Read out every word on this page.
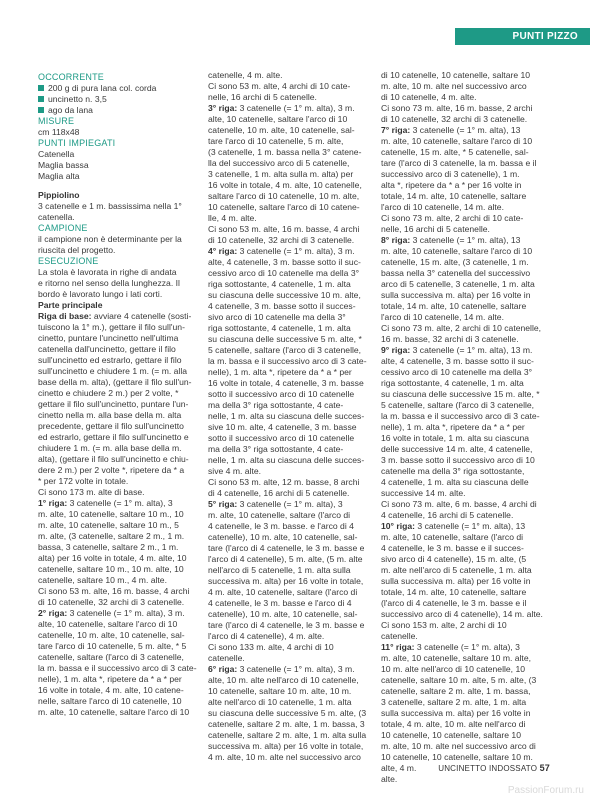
PUNTI PIZZO

OCCORRENTE

200 g di pura lana col. corda

uncinetto n. 3,5

ago da lana

MISURE

cm 118x48

PUNTI IMPIEGATI

Catenella

Maglia bassa

Maglia alta

Pippiolino

3 catenelle e 1 m. bassissima nella 1°

catenella.

CAMPIONE

il campione non è determinante per la

riuscita del progetto.

ESECUZIONE

La stola è lavorata in righe di andata

e ritorno nel senso della lunghezza. Il

bordo è lavorato lungo i lati corti.

Parte principale

Riga di base: avviare 4 catenelle (sosti-

tuiscono la 1° m.), gettare il filo sull'un-

cinetto, puntare l'uncinetto nell'ultima

catenella dall'uncinetto, gettare il filo

sull'uncinetto ed estrarlo, gettare il filo

sull'uncinetto e chiudere 1 m. (= m. alla

base della m. alta), (gettare il filo sull'un-

cinetto e chiudere 2 m.) per 2 volte, *

gettare il filo sull'uncinetto, puntare l'un-

cinetto nella m. alla base della m. alta

precedente, gettare il filo sull'uncinetto

ed estrarlo, gettare il filo sull'uncinetto e

chiudere 1 m. (= m. alla base della m.

alta), (gettare il filo sull'uncinetto e chiu-

dere 2 m.) per 2 volte *, ripetere da * a

* per 172 volte in totale.

Ci sono 173 m. alte di base.

1° riga: 3 catenelle (= 1° m. alta), 3

m. alte, 10 catenelle, saltare 10 m., 10

m. alte, 10 catenelle, saltare 10 m., 5

m. alte, (3 catenelle, saltare 2 m., 1 m.

bassa, 3 catenelle, saltare 2 m., 1 m.

alta) per 16 volte in totale, 4 m. alte, 10

catenelle, saltare 10 m., 10 m. alte, 10

catenelle, saltare 10 m., 4 m. alte.

Ci sono 53 m. alte, 16 m. basse, 4 archi

di 10 catenelle, 32 archi di 3 catenelle.

2° riga: 3 catenelle (= 1° m. alta), 3 m.

alte, 10 catenelle, saltare l'arco di 10

catenelle, 10 m. alte, 10 catenelle, sal-

tare l'arco di 10 catenelle, 5 m. alte, * 5

catenelle, saltare (l'arco di 3 catenelle,

la m. bassa e il successivo arco di 3 cate-

nelle), 1 m. alta *, ripetere da * a * per

16 volte in totale, 4 m. alte, 10 catene-

nelle, saltare l'arco di 10 catenelle, 10

m. alte, 10 catenelle, saltare l'arco di 10

catenelle, 4 m. alte.

Ci sono 53 m. alte, 4 archi di 10 cate-

nelle, 16 archi di 5 catenelle.

3° riga: 3 catenelle (= 1° m. alta), 3 m.

alte, 10 catenelle, saltare l'arco di 10

catenelle, 10 m. alte, 10 catenelle, sal-

tare l'arco di 10 catenelle, 5 m. alte,

(3 catenelle, 1 m. bassa nella 3° catene-

lla del successivo arco di 5 catenelle,

3 catenelle, 1 m. alta sulla m. alta) per

16 volte in totale, 4 m. alte, 10 catenelle,

saltare l'arco di 10 catenelle, 10 m. alte,

10 catenelle, saltare l'arco di 10 catene-

lle, 4 m. alte.

Ci sono 53 m. alte, 16 m. basse, 4 archi

di 10 catenelle, 32 archi di 3 catenelle.

4° riga: 3 catenelle (= 1° m. alta), 3 m.

alte, 4 catenelle, 3 m. basse sotto il suc-

cessivo arco di 10 catenelle ma della 3°

riga sottostante, 4 catenelle, 1 m. alta

su ciascuna delle successive 10 m. alte,

4 catenelle, 3 m. basse sotto il succes-

sivo arco di 10 catenelle ma della 3°

riga sottostante, 4 catenelle, 1 m. alta

su ciascuna delle successive 5 m. alte, *

5 catenelle, saltare (l'arco di 3 catenelle,

la m. bassa e il successivo arco di 3 cate-

nelle), 1 m. alta *, ripetere da * a * per

16 volte in totale, 4 catenelle, 3 m. basse

sotto il successivo arco di 10 catenelle

ma della 3° riga sottostante, 4 cate-

nelle, 1 m. alta su ciascuna delle succes-

sive 10 m. alte, 4 catenelle, 3 m. basse

sotto il successivo arco di 10 catenelle

ma della 3° riga sottostante, 4 cate-

nelle, 1 m. alta su ciascuna delle succes-

sive 4 m. alte.

Ci sono 53 m. alte, 12 m. basse, 8 archi

di 4 catenelle, 16 archi di 5 catenelle.

5° riga: 3 catenelle (= 1° m. alta), 3

m. alte, 10 catenelle, saltare (l'arco di

4 catenelle, le 3 m. basse. e l'arco di 4

catenelle), 10 m. alte, 10 catenelle, sal-

tare (l'arco di 4 catenelle, le 3 m. basse e

l'arco di 4 catenelle), 5 m. alte, (5 m. alte

nell'arco di 5 catenelle, 1 m. alta sulla

successiva m. alta) per 16 volte in totale,

4 m. alte, 10 catenelle, saltare (l'arco di

4 catenelle, le 3 m. basse e l'arco di 4

catenelle), 10 m. alte, 10 catenelle, sal-

tare (l'arco di 4 catenelle, le 3 m. basse e

l'arco di 4 catenelle), 4 m. alte.

Ci sono 133 m. alte, 4 archi di 10

catenelle.

6° riga: 3 catenelle (= 1° m. alta), 3 m.

alte, 10 m. alte nell'arco di 10 catenelle,

10 catenelle, saltare 10 m. alte, 10 m.

alte nell'arco di 10 catenelle, 1 m. alta

su ciascuna delle successive 5 m. alte, (3

catenelle, saltare 2 m. alte, 1 m. bassa, 3

catenelle, saltare 2 m. alte, 1 m. alta sulla

successiva m. alta) per 16 volte in totale,

4 m. alte, 10 m. alte nel successivo arco

di 10 catenelle, 10 catenelle, saltare 10

m. alte, 10 m. alte nel successivo arco

di 10 catenelle, 4 m. alte.

Ci sono 73 m. alte, 16 m. basse, 2 archi

di 10 catenelle, 32 archi di 3 catenelle.

7° riga: 3 catenelle (= 1° m. alta), 13

m. alte, 10 catenelle, saltare l'arco di 10

catenelle, 15 m. alte, * 5 catenelle, sal-

tare (l'arco di 3 catenelle, la m. bassa e il

successivo arco di 3 catenelle), 1 m.

alta *, ripetere da * a * per 16 volte in

totale, 14 m. alte, 10 catenelle, saltare

l'arco di 10 catenelle, 14 m. alte.

Ci sono 73 m. alte, 2 archi di 10 cate-

nelle, 16 archi di 5 catenelle.

8° riga: 3 catenelle (= 1° m. alta), 13

m. alte, 10 catenelle, saltare l'arco di 10

catenelle, 15 m. alte, (3 catenelle, 1 m.

bassa nella 3° catenella del successivo

arco di 5 catenelle, 3 catenelle, 1 m. alta

sulla successiva m. alta) per 16 volte in

totale, 14 m. alte, 10 catenelle, saltare

l'arco di 10 catenelle, 14 m. alte.

Ci sono 73 m. alte, 2 archi di 10 catenelle,

16 m. basse, 32 archi di 3 catenelle.

9° riga: 3 catenelle (= 1° m. alta), 13 m.

alte, 4 catenelle, 3 m. basse sotto il suc-

cessivo arco di 10 catenelle ma della 3°

riga sottostante, 4 catenelle, 1 m. alta

su ciascuna delle successive 15 m. alte, *

5 catenelle, saltare (l'arco di 3 catenelle,

la m. bassa e il successivo arco di 3 cate-

nelle), 1 m. alta *, ripetere da * a * per

16 volte in totale, 1 m. alta su ciascuna

delle successive 14 m. alte, 4 catenelle,

3 m. basse sotto il successivo arco di 10

catenelle ma della 3° riga sottostante,

4 catenelle, 1 m. alta su ciascuna delle

successive 14 m. alte.

Ci sono 73 m. alte, 6 m. basse, 4 archi di

4 catenelle, 16 archi di 5 catenelle.

10° riga: 3 catenelle (= 1° m. alta), 13

m. alte, 10 catenelle, saltare (l'arco di

4 catenelle, le 3 m. basse e il succes-

sivo arco di 4 catenelle), 15 m. alte, (5

m. alte nell'arco di 5 catenelle, 1 m. alta

sulla successiva m. alta) per 16 volte in

totale, 14 m. alte, 10 catenelle, saltare

(l'arco di 4 catenelle, le 3 m. basse e il

successivo arco di 4 catenelle), 14 m. alte.

Ci sono 153 m. alte, 2 archi di 10

catenelle.

11° riga: 3 catenelle (= 1° m. alta), 3

m. alte, 10 catenelle, saltare 10 m. alte,

10 m. alte nell'arco di 10 catenelle, 10

catenelle, saltare 10 m. alte, 5 m. alte, (3

catenelle, saltare 2 m. alte, 1 m. bassa,

3 catenelle, saltare 2 m. alte, 1 m. alta

sulla successiva m. alta) per 16 volte in

totale, 4 m. alte, 10 m. alte nell'arco di

10 catenelle, 10 catenelle, saltare 10

m. alte, 10 m. alte nel successivo arco di

10 catenelle, 10 catenelle, saltare 10 m. alte, 4 m.

alte.

UNCINETTO INDOSSATO 57
PassionForum.ru
